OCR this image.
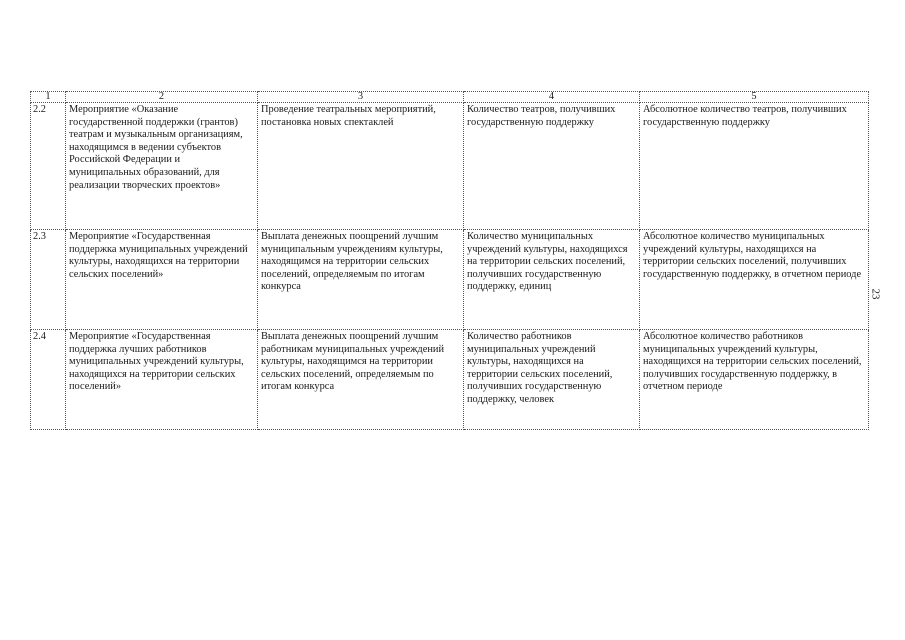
1	2	3	4	5
2.2	Мероприятие «Оказание государственной поддержки (грантов) театрам и музыкальным организациям, находящимся в ведении субъектов Российской Федерации и муниципальных образований, для реализации творческих проектов»	Проведение театральных мероприятий, постановка новых спектаклей	Количество театров, получивших государственную поддержку	Абсолютное количество театров, получивших государственную поддержку
2.3	Мероприятие «Государственная поддержка муниципальных учреждений культуры, находящихся на территории сельских поселений»	Выплата денежных поощрений лучшим муниципальным учреждениям культуры, находящимся на территории сельских поселений, определяемым по итогам конкурса	Количество муниципальных учреждений культуры, находящихся на территории сельских поселений, получивших государственную поддержку, единиц	Абсолютное количество муниципальных учреждений культуры, находящихся на территории сельских поселений, получивших государственную поддержку, в отчетном периоде
2.4	Мероприятие «Государственная поддержка лучших работников муниципальных учреждений культуры, находящихся на территории сельских поселений»	Выплата денежных поощрений лучшим работникам муниципальных учреждений культуры, находящимся на территории сельских поселений, определяемым по итогам конкурса	Количество работников муниципальных учреждений культуры, находящихся на территории сельских поселений, получивших государственную поддержку, человек	Абсолютное количество работников муниципальных учреждений культуры, находящихся на территории сельских поселений, получивших государственную поддержку, в отчетном периоде
23
